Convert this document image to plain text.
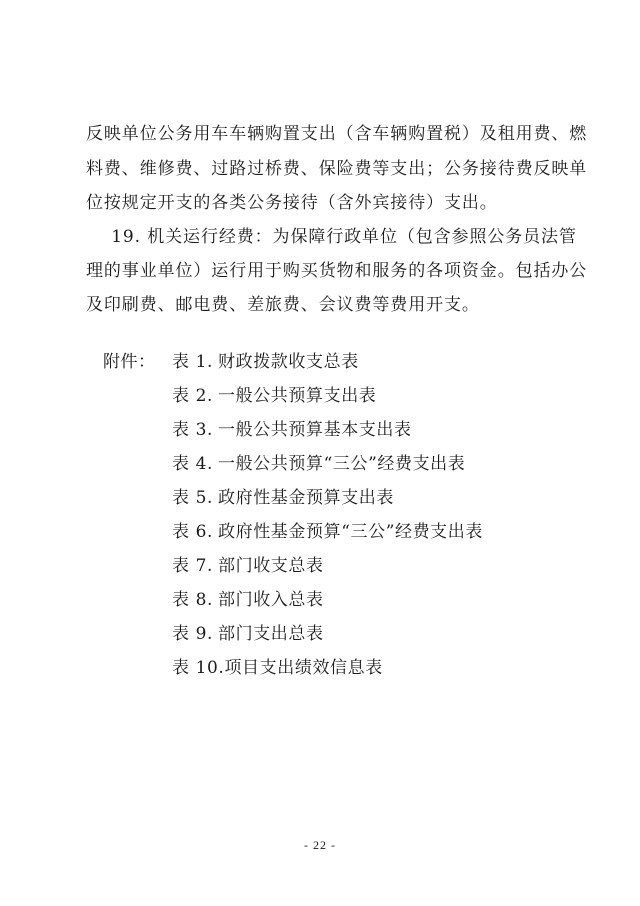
反映单位公务用车车辆购置支出（含车辆购置税）及租用费、燃
料费、维修费、过路过桥费、保险费等支出；公务接待费反映单
位按规定开支的各类公务接待（含外宾接待）支出。
19. 机关运行经费：为保障行政单位（包含参照公务员法管
理的事业单位）运行用于购买货物和服务的各项资金。包括办公
及印刷费、邮电费、差旅费、会议费等费用开支。
附件： 表 1. 财政拨款收支总表
表 2. 一般公共预算支出表
表 3. 一般公共预算基本支出表
表 4. 一般公共预算“三公”经费支出表
表 5. 政府性基金预算支出表
表 6. 政府性基金预算“三公”经费支出表
表 7. 部门收支总表
表 8. 部门收入总表
表 9. 部门支出总表
表 10.项目支出绩效信息表
- 22 -
